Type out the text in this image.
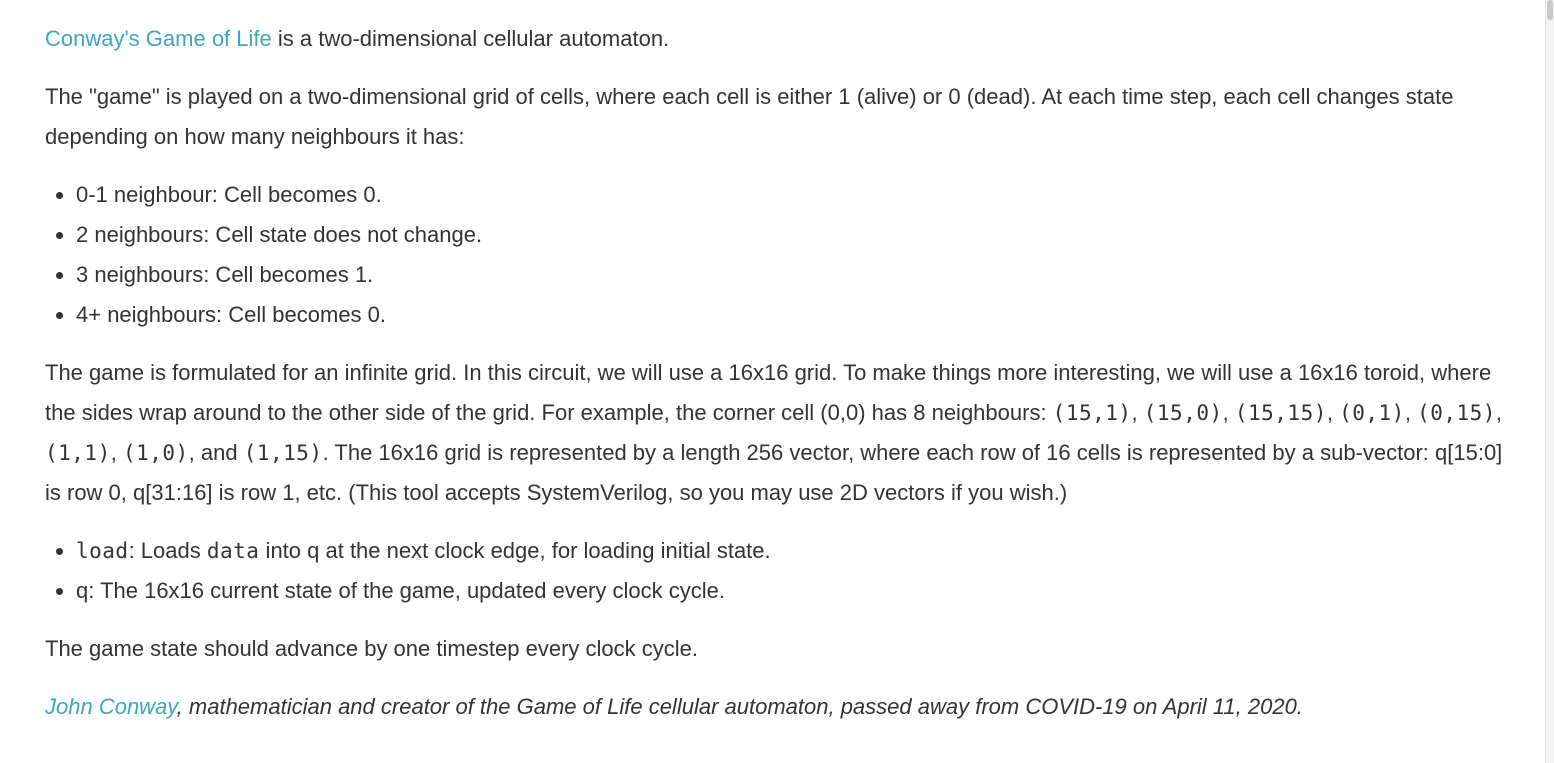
Conway's Game of Life is a two-dimensional cellular automaton.

The "game" is played on a two-dimensional grid of cells, where each cell is either 1 (alive) or 0 (dead). At each time step, each cell changes state depending on how many neighbours it has:

• 0-1 neighbour: Cell becomes 0.
• 2 neighbours: Cell state does not change.
• 3 neighbours: Cell becomes 1.
• 4+ neighbours: Cell becomes 0.

The game is formulated for an infinite grid. In this circuit, we will use a 16x16 grid. To make things more interesting, we will use a 16x16 toroid, where the sides wrap around to the other side of the grid. For example, the corner cell (0,0) has 8 neighbours: (15,1), (15,0), (15,15), (0,1), (0,15), (1,1), (1,0), and (1,15). The 16x16 grid is represented by a length 256 vector, where each row of 16 cells is represented by a sub-vector: q[15:0] is row 0, q[31:16] is row 1, etc. (This tool accepts SystemVerilog, so you may use 2D vectors if you wish.)

• load: Loads data into q at the next clock edge, for loading initial state.
• q: The 16x16 current state of the game, updated every clock cycle.

The game state should advance by one timestep every clock cycle.

John Conway, mathematician and creator of the Game of Life cellular automaton, passed away from COVID-19 on April 11, 2020.
